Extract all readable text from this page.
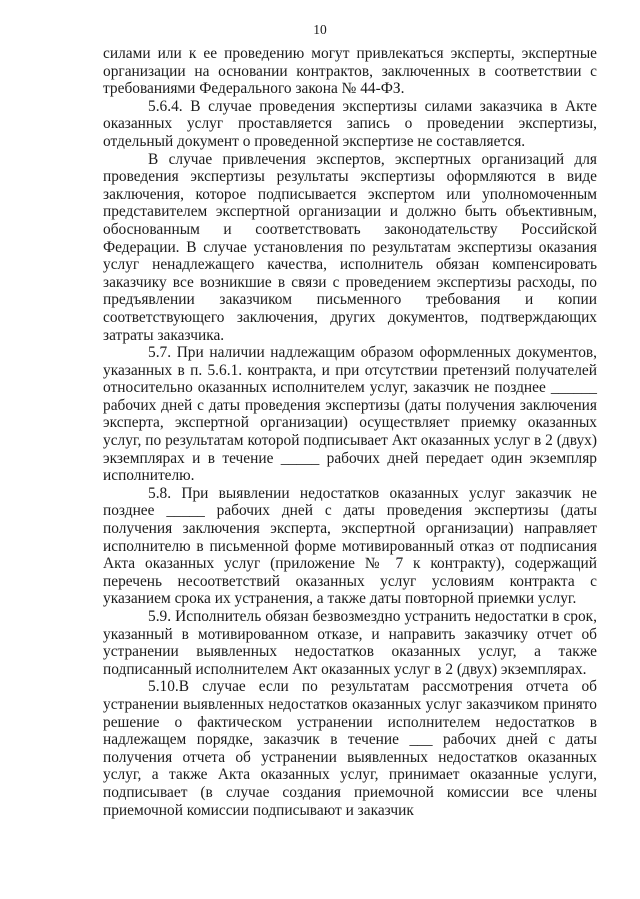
10

силами или к ее проведению могут привлекаться эксперты, экспертные организации на основании контрактов, заключенных в соответствии с требованиями Федерального закона № 44-ФЗ.

5.6.4. В случае проведения экспертизы силами заказчика в Акте оказанных услуг проставляется запись о проведении экспертизы, отдельный документ о проведенной экспертизе не составляется.

В случае привлечения экспертов, экспертных организаций для проведения экспертизы результаты экспертизы оформляются в виде заключения, которое подписывается экспертом или уполномоченным представителем экспертной организации и должно быть объективным, обоснованным и соответствовать законодательству Российской Федерации. В случае установления по результатам экспертизы оказания услуг ненадлежащего качества, исполнитель обязан компенсировать заказчику все возникшие в связи с проведением экспертизы расходы, по предъявлении заказчиком письменного требования и копии соответствующего заключения, других документов, подтверждающих затраты заказчика.

5.7. При наличии надлежащим образом оформленных документов, указанных в п. 5.6.1. контракта, и при отсутствии претензий получателей относительно оказанных исполнителем услуг, заказчик не позднее ______ рабочих дней с даты проведения экспертизы (даты получения заключения эксперта, экспертной организации) осуществляет приемку оказанных услуг, по результатам которой подписывает Акт оказанных услуг в 2 (двух) экземплярах и в течение _____ рабочих дней передает один экземпляр исполнителю.

5.8. При выявлении недостатков оказанных услуг заказчик не позднее _____ рабочих дней с даты проведения экспертизы (даты получения заключения эксперта, экспертной организации) направляет исполнителю в письменной форме мотивированный отказ от подписания Акта оказанных услуг (приложение № 7 к контракту), содержащий перечень несоответствий оказанных услуг условиям контракта с указанием срока их устранения, а также даты повторной приемки услуг.

5.9. Исполнитель обязан безвозмездно устранить недостатки в срок, указанный в мотивированном отказе, и направить заказчику отчет об устранении выявленных недостатков оказанных услуг, а также подписанный исполнителем Акт оказанных услуг в 2 (двух) экземплярах.

5.10.В случае если по результатам рассмотрения отчета об устранении выявленных недостатков оказанных услуг заказчиком принято решение о фактическом устранении исполнителем недостатков в надлежащем порядке, заказчик в течение ___ рабочих дней с даты получения отчета об устранении выявленных недостатков оказанных услуг, а также Акта оказанных услуг, принимает оказанные услуги, подписывает (в случае создания приемочной комиссии все члены приемочной комиссии подписывают и заказчик
